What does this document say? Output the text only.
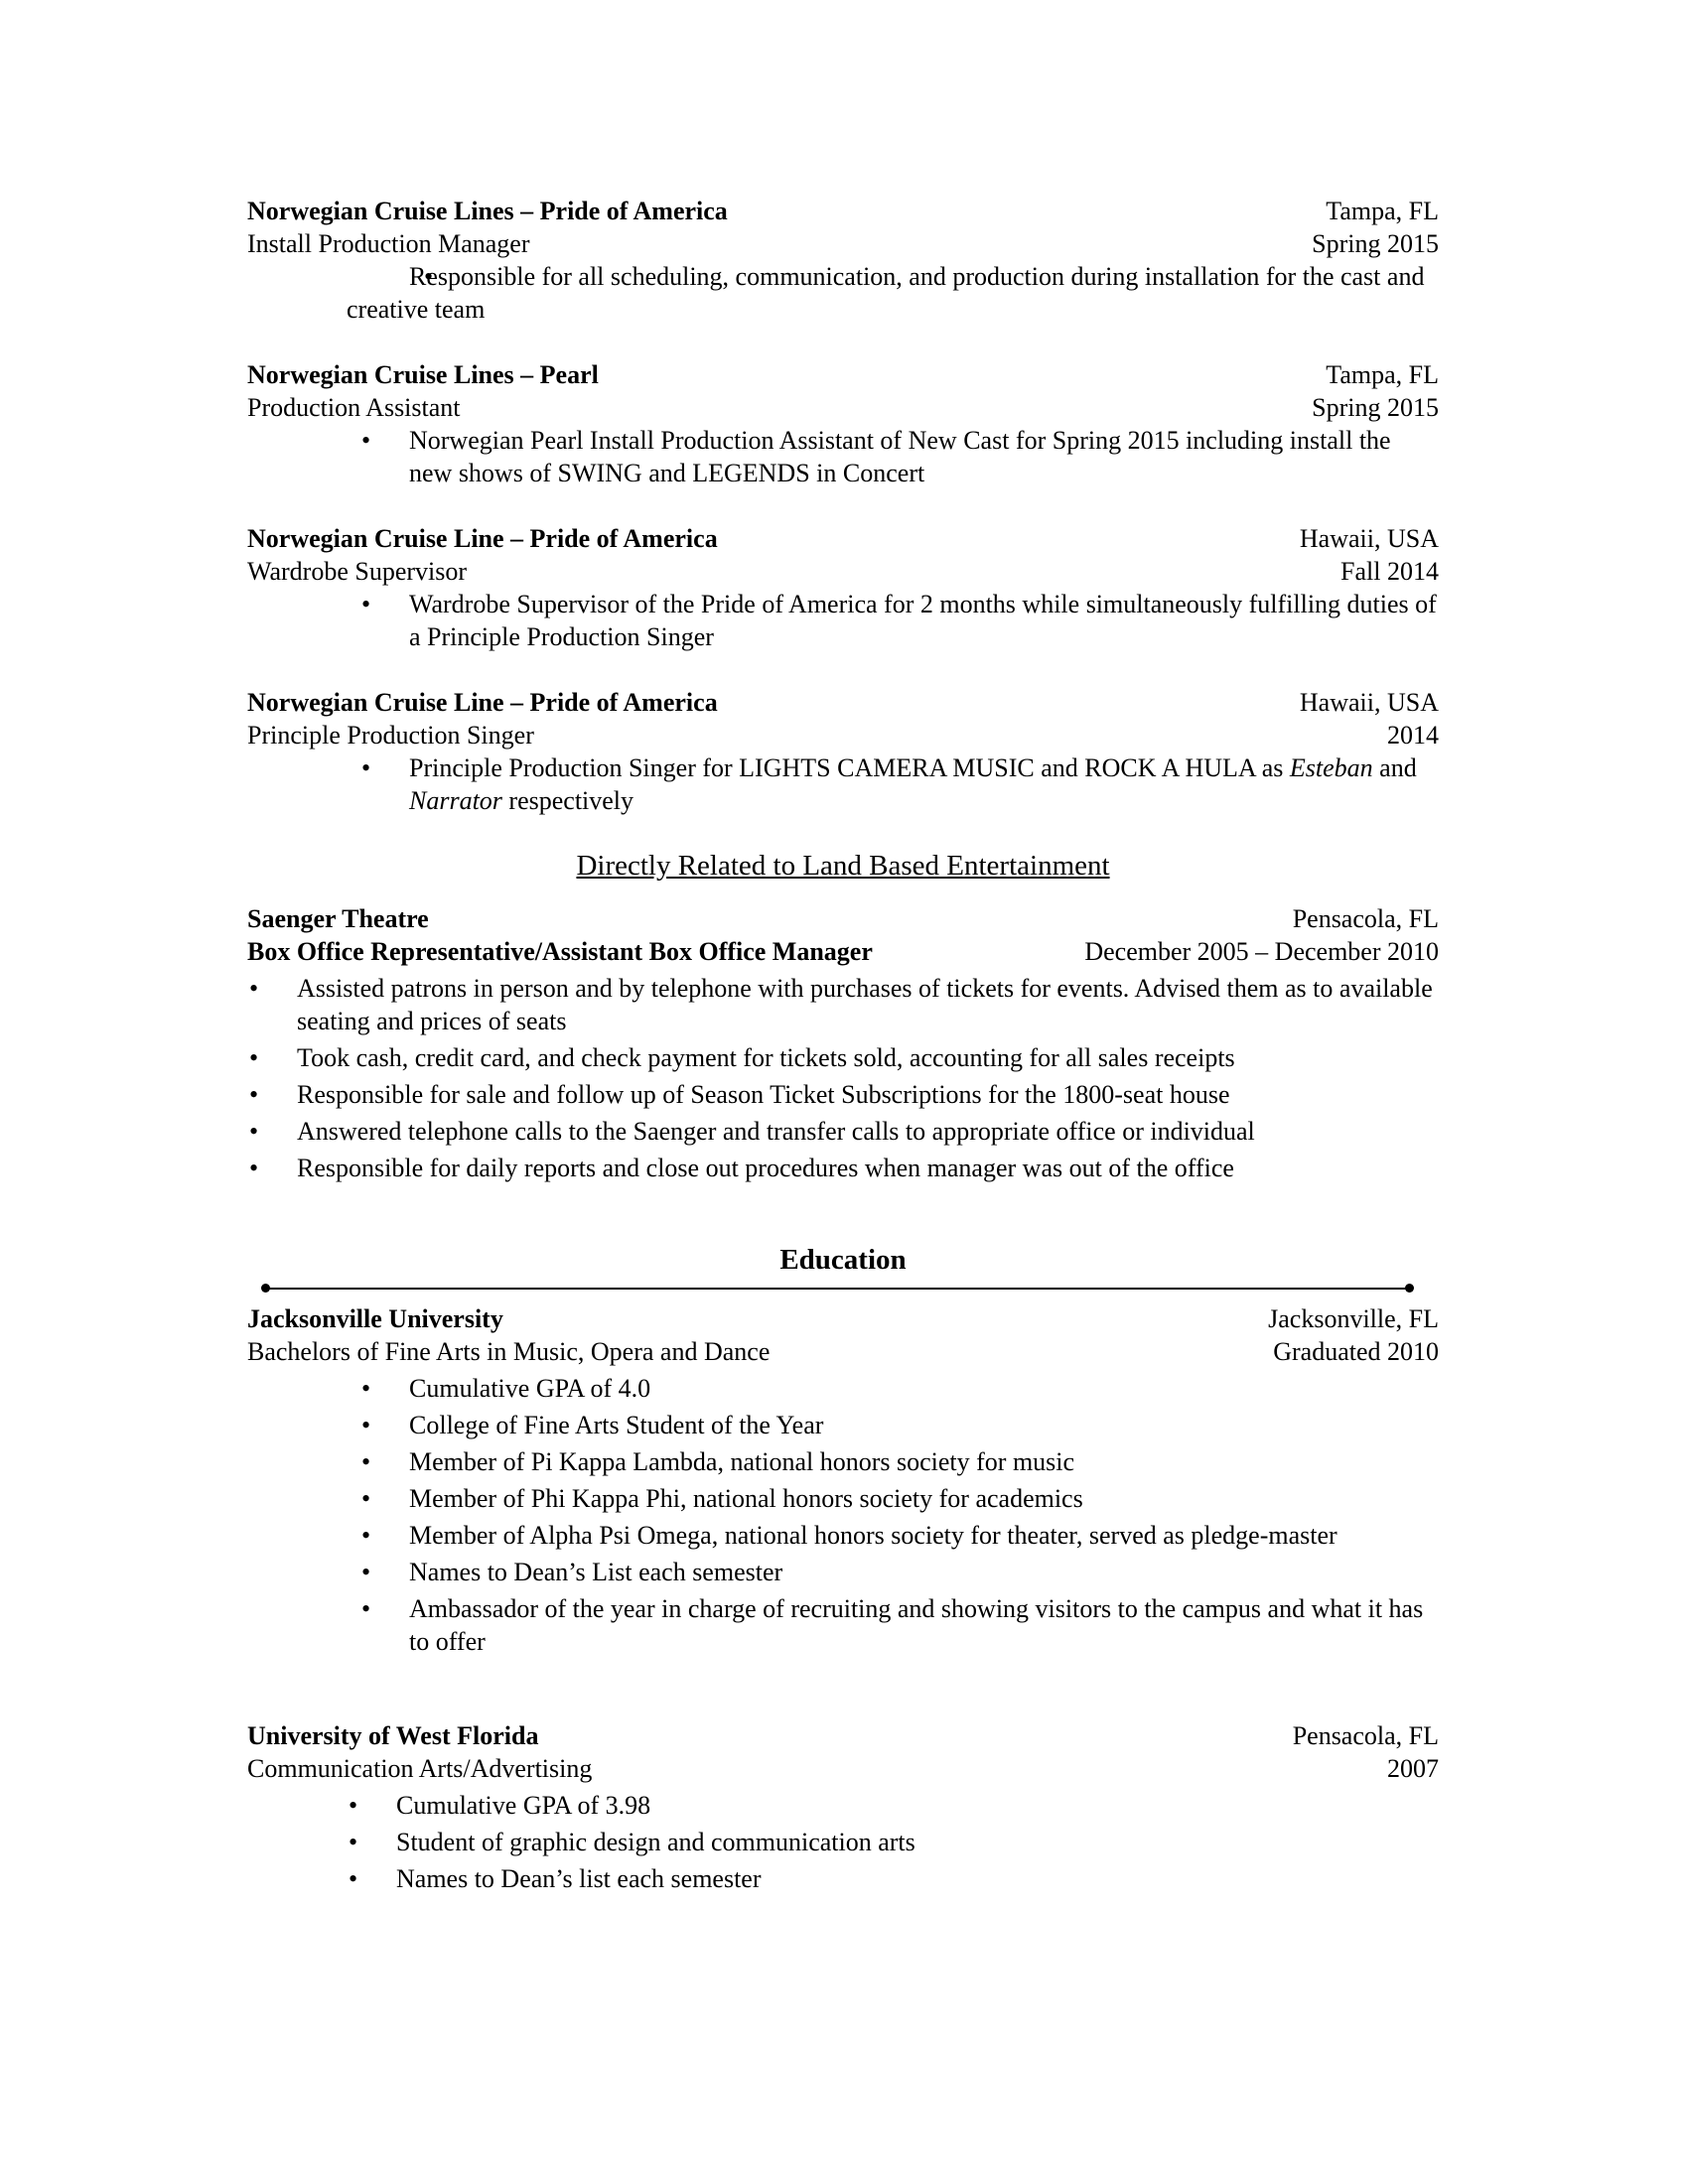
Norwegian Cruise Lines – Pride of America	Tampa, FL
Install Production Manager	Spring 2015
• Responsible for all scheduling, communication, and production during installation for the cast and creative team
Norwegian Cruise Lines – Pearl	Tampa, FL
Production Assistant	Spring 2015
• Norwegian Pearl Install Production Assistant of New Cast for Spring 2015 including install the new shows of SWING and LEGENDS in Concert
Norwegian Cruise Line – Pride of America	Hawaii, USA
Wardrobe Supervisor	Fall 2014
• Wardrobe Supervisor of the Pride of America for 2 months while simultaneously fulfilling duties of a Principle Production Singer
Norwegian Cruise Line – Pride of America	Hawaii, USA
Principle Production Singer	2014
• Principle Production Singer for LIGHTS CAMERA MUSIC and ROCK A HULA as Esteban and Narrator respectively
Directly Related to Land Based Entertainment
Saenger Theatre	Pensacola, FL
Box Office Representative/Assistant Box Office Manager	December 2005 – December 2010
• Assisted patrons in person and by telephone with purchases of tickets for events. Advised them as to available seating and prices of seats
• Took cash, credit card, and check payment for tickets sold, accounting for all sales receipts
• Responsible for sale and follow up of Season Ticket Subscriptions for the 1800-seat house
• Answered telephone calls to the Saenger and transfer calls to appropriate office or individual
• Responsible for daily reports and close out procedures when manager was out of the office
Education
Jacksonville University	Jacksonville, FL
Bachelors of Fine Arts in Music, Opera and Dance	Graduated 2010
• Cumulative GPA of 4.0
• College of Fine Arts Student of the Year
• Member of Pi Kappa Lambda, national honors society for music
• Member of Phi Kappa Phi, national honors society for academics
• Member of Alpha Psi Omega, national honors society for theater, served as pledge-master
• Names to Dean’s List each semester
• Ambassador of the year in charge of recruiting and showing visitors to the campus and what it has to offer
University of West Florida	Pensacola, FL
Communication Arts/Advertising	2007
• Cumulative GPA of 3.98
• Student of graphic design and communication arts
• Names to Dean’s list each semester
